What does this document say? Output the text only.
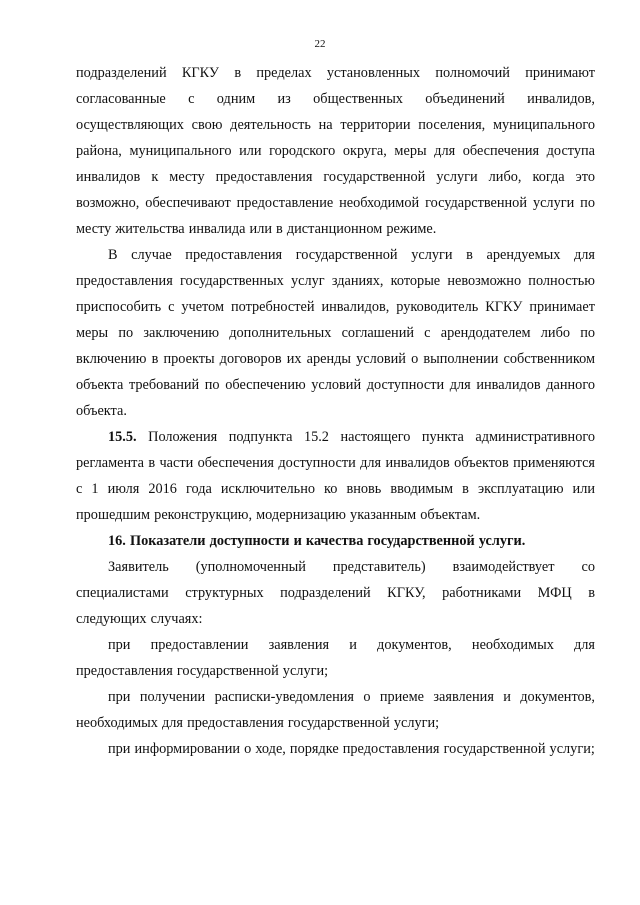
22

подразделений КГКУ в пределах установленных полномочий принимают согласованные с одним из общественных объединений инвалидов, осуществляющих свою деятельность на территории поселения, муниципального района, муниципального или городского округа, меры для обеспечения доступа инвалидов к месту предоставления государственной услуги либо, когда это возможно, обеспечивают предоставление необходимой государственной услуги по месту жительства инвалида или в дистанционном режиме.

В случае предоставления государственной услуги в арендуемых для предоставления государственных услуг зданиях, которые невозможно полностью приспособить с учетом потребностей инвалидов, руководитель КГКУ принимает меры по заключению дополнительных соглашений с арендодателем либо по включению в проекты договоров их аренды условий о выполнении собственником объекта требований по обеспечению условий доступности для инвалидов данного объекта.

15.5. Положения подпункта 15.2 настоящего пункта административного регламента в части обеспечения доступности для инвалидов объектов применяются с 1 июля 2016 года исключительно ко вновь вводимым в эксплуатацию или прошедшим реконструкцию, модернизацию указанным объектам.

16. Показатели доступности и качества государственной услуги.

Заявитель (уполномоченный представитель) взаимодействует со специалистами структурных подразделений КГКУ, работниками МФЦ в следующих случаях:

при предоставлении заявления и документов, необходимых для предоставления государственной услуги;

при получении расписки-уведомления о приеме заявления и документов, необходимых для предоставления государственной услуги;

при информировании о ходе, порядке предоставления государственной услуги;
